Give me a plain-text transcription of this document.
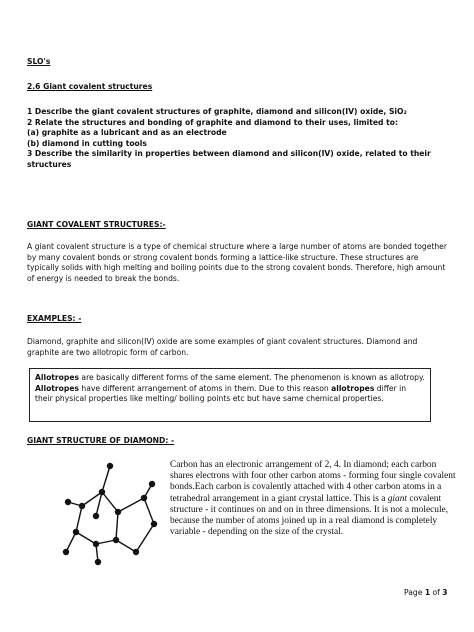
SLO's

2.6 Giant covalent structures

1 Describe the giant covalent structures of graphite, diamond and silicon(IV) oxide, SiO₂

2 Relate the structures and bonding of graphite and diamond to their uses, limited to:

(a) graphite as a lubricant and as an electrode

(b) diamond in cutting tools

3 Describe the similarity in properties between diamond and silicon(IV) oxide, related to their structures

GIANT COVALENT STRUCTURES:-

A giant covalent structure is a type of chemical structure where a large number of atoms are bonded together by many covalent bonds or strong covalent bonds forming a lattice-like structure. These structures are typically solids with high melting and boiling points due to the strong covalent bonds. Therefore, high amount of energy is needed to break the bonds.

EXAMPLES: -

Diamond, graphite and silicon(IV) oxide are some examples of giant covalent structures. Diamond and graphite are two allotropic form of carbon.

Allotropes are basically different forms of the same element. The phenomenon is known as allotropy. Allotropes have different arrangement of atoms in them. Due to this reason allotropes differ in their physical properties like melting/ boiling points etc but have same chemical properties.

GIANT STRUCTURE OF DIAMOND: -

Carbon has an electronic arrangement of 2, 4. In diamond; each carbon shares electrons with four other carbon atoms - forming four single covalent bonds.Each carbon is covalently attached with 4 other carbon atoms in a tetrahedral arrangement in a giant crystal lattice. This is a giant covalent structure - it continues on and on in three dimensions. It is not a molecule, because the number of atoms joined up in a real diamond is completely variable - depending on the size of the crystal.

Page 1 of 3
